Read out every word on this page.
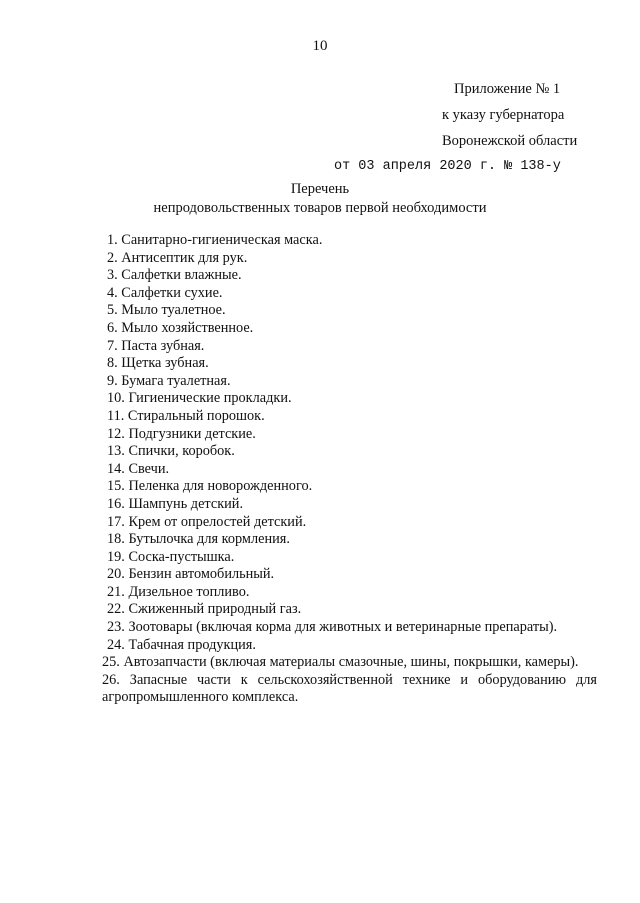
10
Приложение № 1
к указу губернатора
Воронежской области
от 03 апреля 2020 г. № 138-у
Перечень
непродовольственных товаров первой необходимости
1. Санитарно-гигиеническая маска.
2. Антисептик для рук.
3. Салфетки влажные.
4. Салфетки сухие.
5. Мыло туалетное.
6. Мыло хозяйственное.
7. Паста зубная.
8. Щетка зубная.
9. Бумага туалетная.
10. Гигиенические прокладки.
11. Стиральный порошок.
12. Подгузники детские.
13. Спички, коробок.
14. Свечи.
15. Пеленка для новорожденного.
16. Шампунь детский.
17. Крем от опрелостей детский.
18. Бутылочка для кормления.
19. Соска-пустышка.
20. Бензин автомобильный.
21. Дизельное топливо.
22. Сжиженный природный газ.
23. Зоотовары (включая корма для животных и ветеринарные препараты).
24. Табачная продукция.
25. Автозапчасти (включая материалы смазочные, шины, покрышки, камеры).
26. Запасные части к сельскохозяйственной технике и оборудованию для агропромышленного комплекса.
